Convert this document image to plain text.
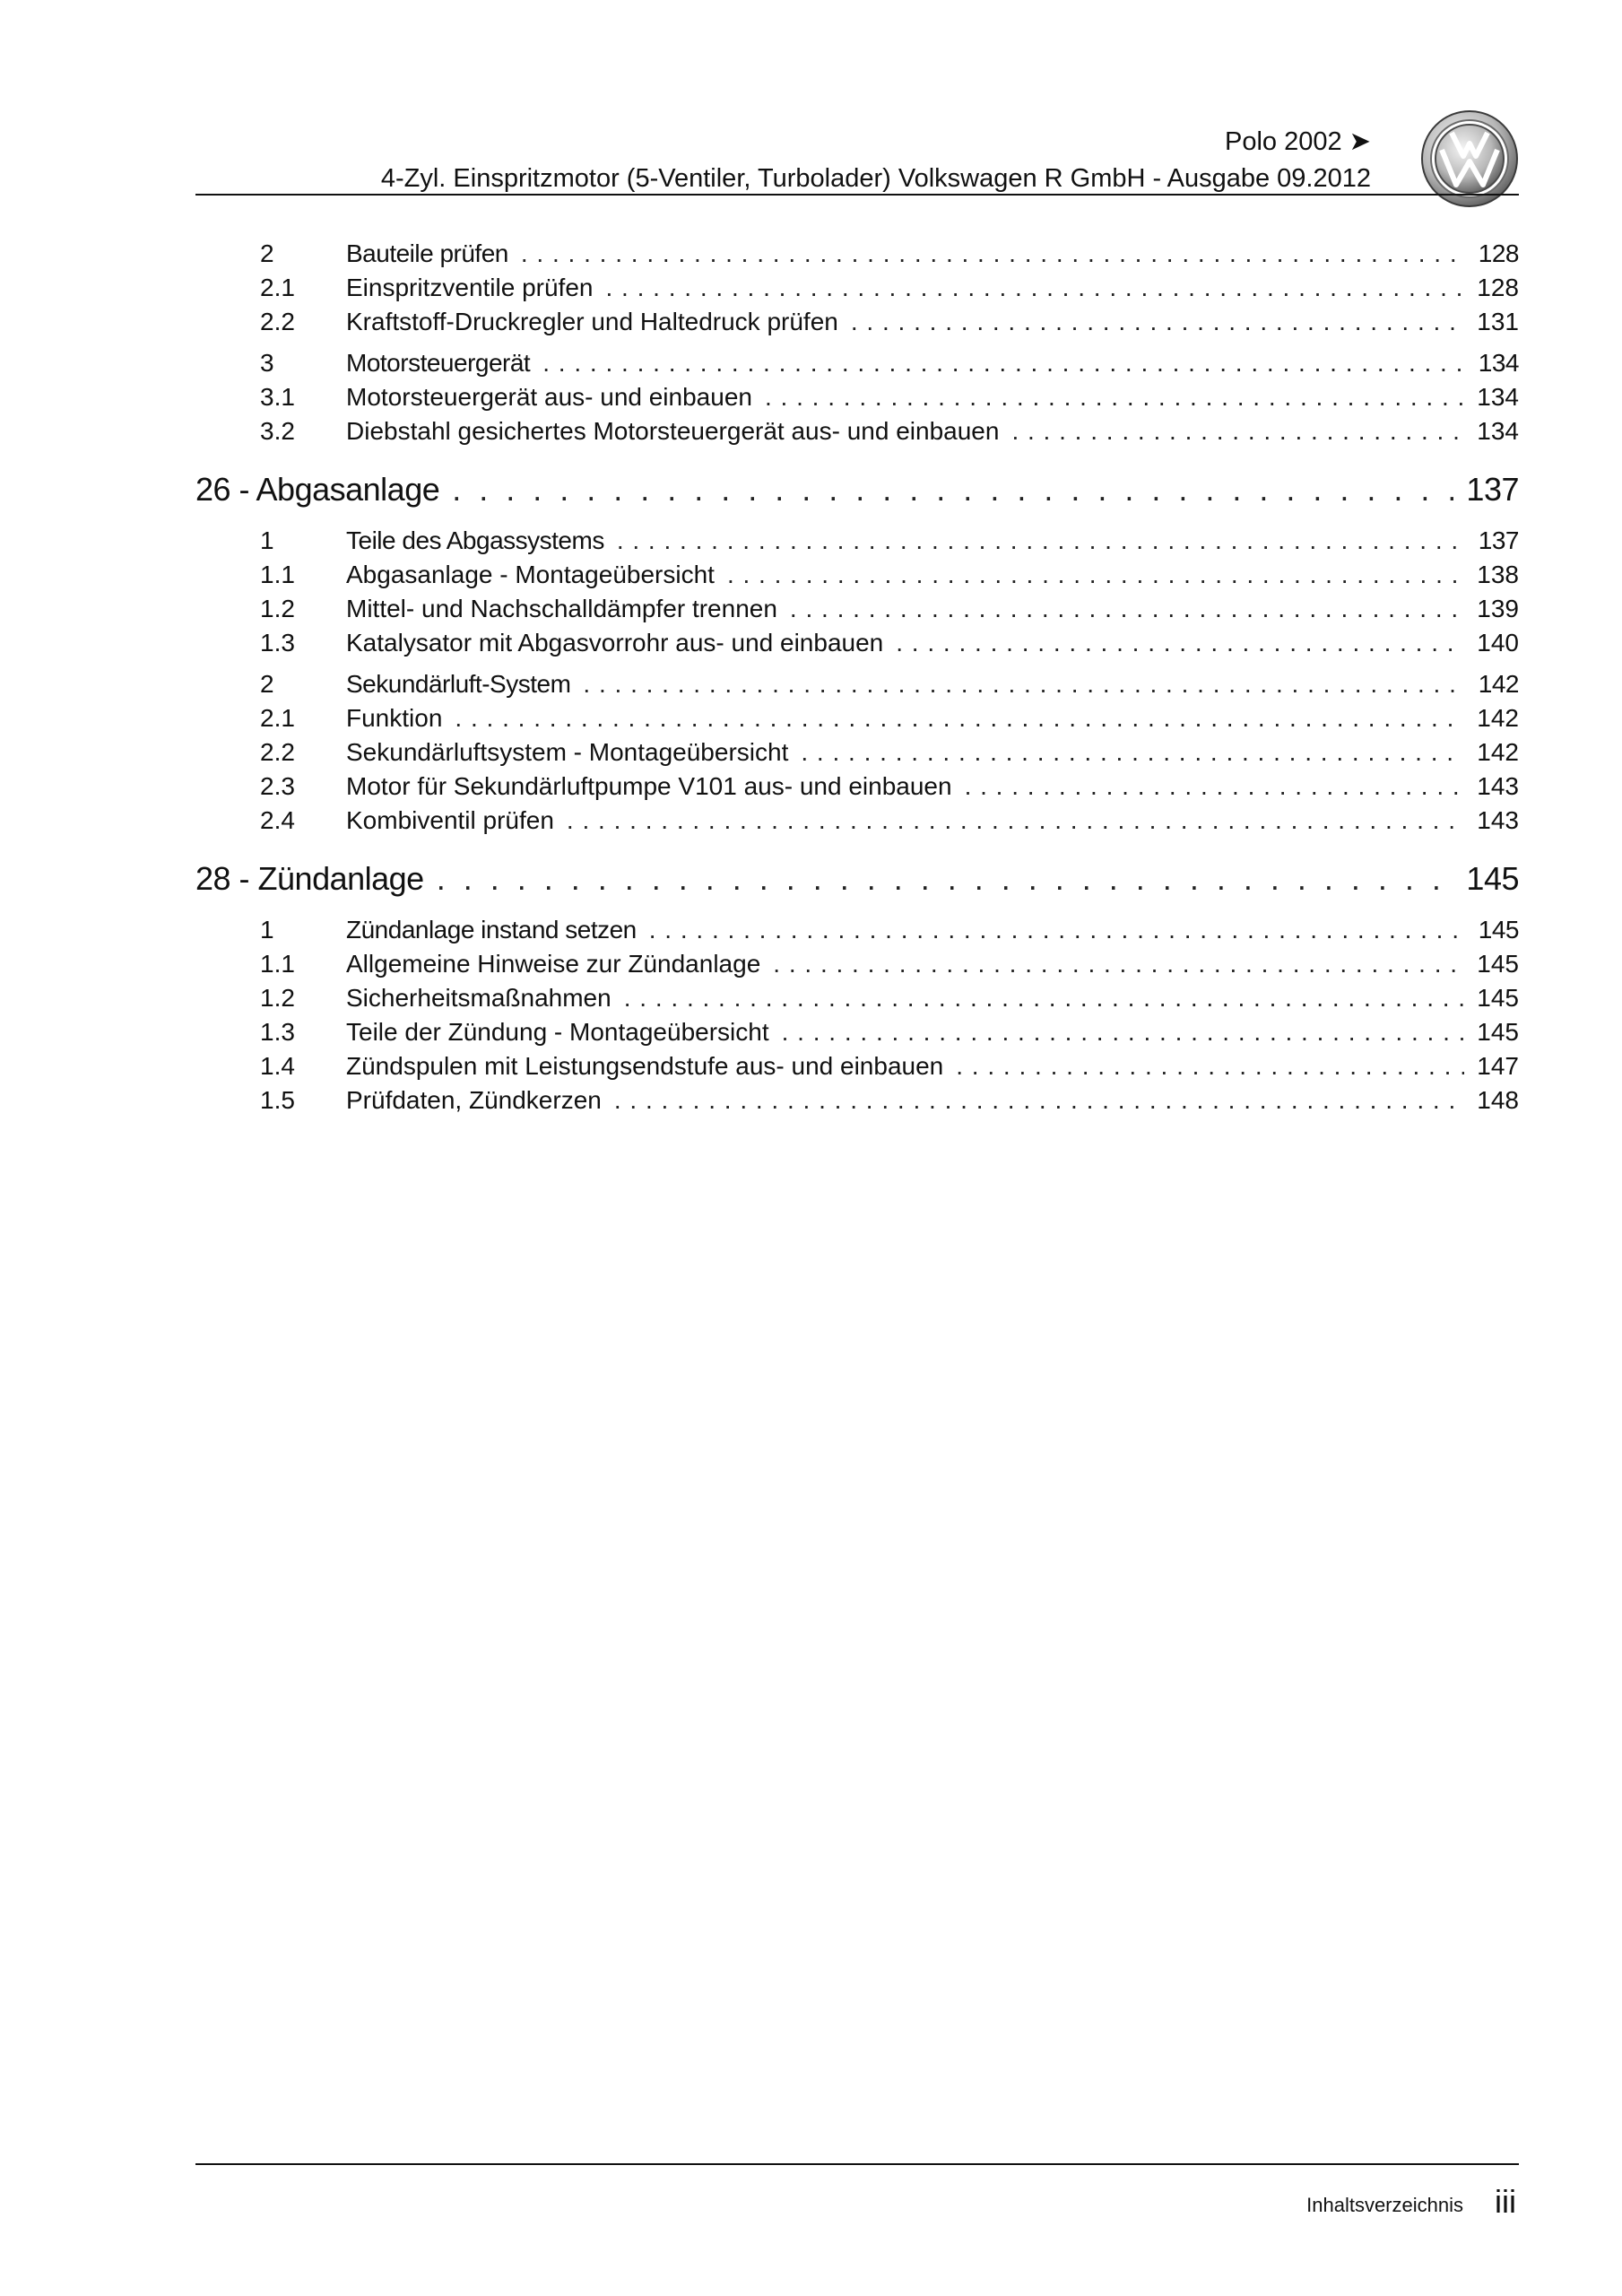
Polo 2002 ➤
4-Zyl. Einspritzmotor (5-Ventiler, Turbolader) Volkswagen R GmbH - Ausgabe 09.2012
2	Bauteile prüfen . . .	128
2.1	Einspritzventile prüfen . . .	128
2.2	Kraftstoff-Druckregler und Haltedruck prüfen . . .	131
3	Motorsteuergerät . . .	134
3.1	Motorsteuergerät aus- und einbauen . . .	134
3.2	Diebstahl gesichertes Motorsteuergerät aus- und einbauen . . .	134
26 - Abgasanlage . . .	137
1	Teile des Abgassystems . . .	137
1.1	Abgasanlage - Montageübersicht . . .	138
1.2	Mittel- und Nachschalldämpfer trennen . . .	139
1.3	Katalysator mit Abgasvorrohr aus- und einbauen . . .	140
2	Sekundärluft-System . . .	142
2.1	Funktion . . .	142
2.2	Sekundärluftsystem - Montageübersicht . . .	142
2.3	Motor für Sekundärluftpumpe V101 aus- und einbauen . . .	143
2.4	Kombiventil prüfen . . .	143
28 - Zündanlage . . .	145
1	Zündanlage instand setzen . . .	145
1.1	Allgemeine Hinweise zur Zündanlage . . .	145
1.2	Sicherheitsmaßnahmen . . .	145
1.3	Teile der Zündung - Montageübersicht . . .	145
1.4	Zündspulen mit Leistungsendstufe aus- und einbauen . . .	147
1.5	Prüfdaten, Zündkerzen . . .	148
Inhaltsverzeichnis iii
